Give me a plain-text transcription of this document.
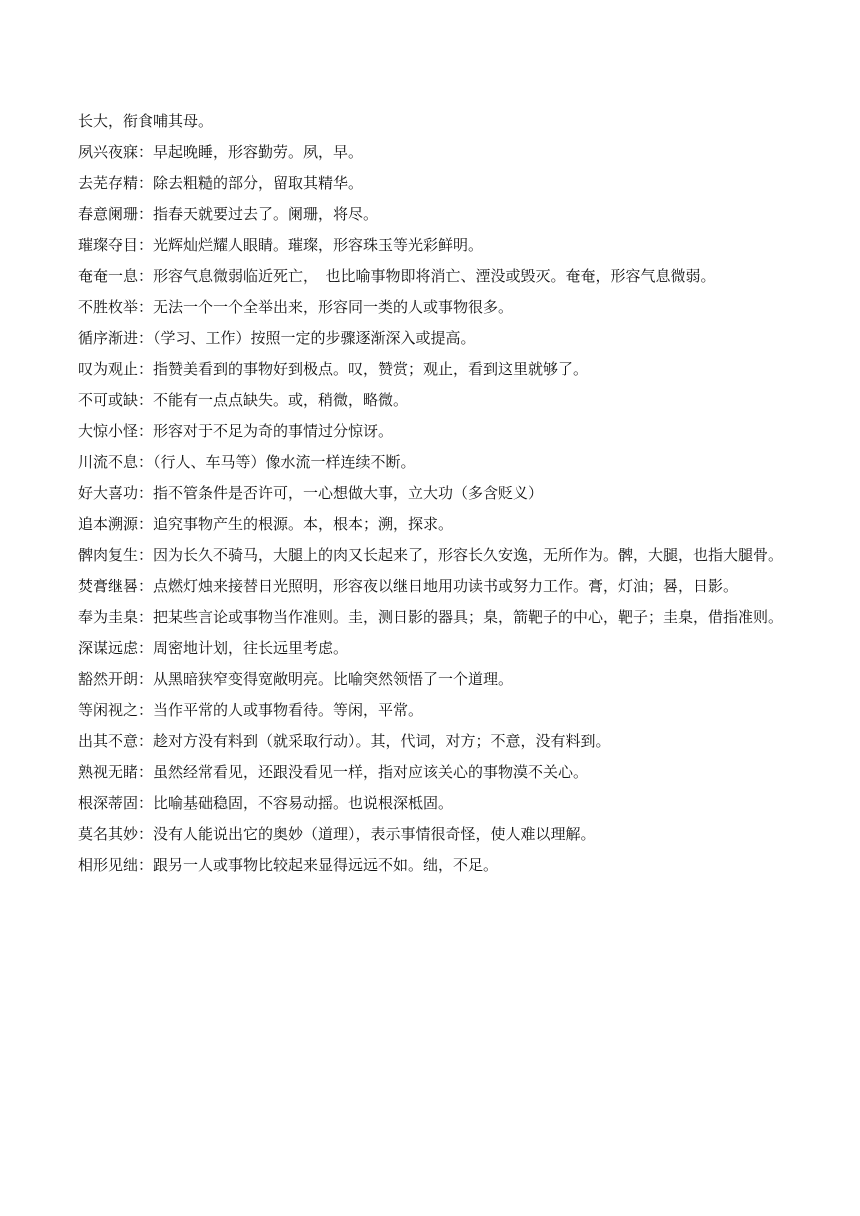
长大，衔食哺其母。

夙兴夜寐：早起晚睡，形容勤劳。夙，早。

去芜存精：除去粗糙的部分，留取其精华。

春意阑珊：指春天就要过去了。阑珊，将尽。

璀璨夺目：光辉灿烂耀人眼睛。璀璨，形容珠玉等光彩鲜明。

奄奄一息：形容气息微弱临近死亡，　也比喻事物即将消亡、湮没或毁灭。奄奄，形容气息微弱。

不胜枚举：无法一个一个全举出来，形容同一类的人或事物很多。

循序渐进：（学习、工作）按照一定的步骤逐渐深入或提高。

叹为观止：指赞美看到的事物好到极点。叹，赞赏；观止，看到这里就够了。

不可或缺：不能有一点点缺失。或，稍微，略微。

大惊小怪：形容对于不足为奇的事情过分惊讶。

川流不息：（行人、车马等）像水流一样连续不断。

好大喜功：指不管条件是否许可，一心想做大事，立大功（多含贬义）

追本溯源：追究事物产生的根源。本，根本；溯，探求。

髀肉复生：因为长久不骑马，大腿上的肉又长起来了，形容长久安逸，无所作为。髀，大腿，也指大腿骨。

焚膏继晷：点燃灯烛来接替日光照明，形容夜以继日地用功读书或努力工作。膏，灯油；晷，日影。

奉为圭臬：把某些言论或事物当作准则。圭，测日影的器具；臬，箭靶子的中心，靶子；圭臬，借指准则。

深谋远虑：周密地计划，往长远里考虑。

豁然开朗：从黑暗狭窄变得宽敞明亮。比喻突然领悟了一个道理。

等闲视之：当作平常的人或事物看待。等闲，平常。

出其不意：趁对方没有料到（就采取行动）。其，代词，对方；不意，没有料到。

熟视无睹：虽然经常看见，还跟没看见一样，指对应该关心的事物漠不关心。

根深蒂固：比喻基础稳固，不容易动摇。也说根深柢固。

莫名其妙：没有人能说出它的奥妙（道理），表示事情很奇怪，使人难以理解。

相形见绌：跟另一人或事物比较起来显得远远不如。绌，不足。
